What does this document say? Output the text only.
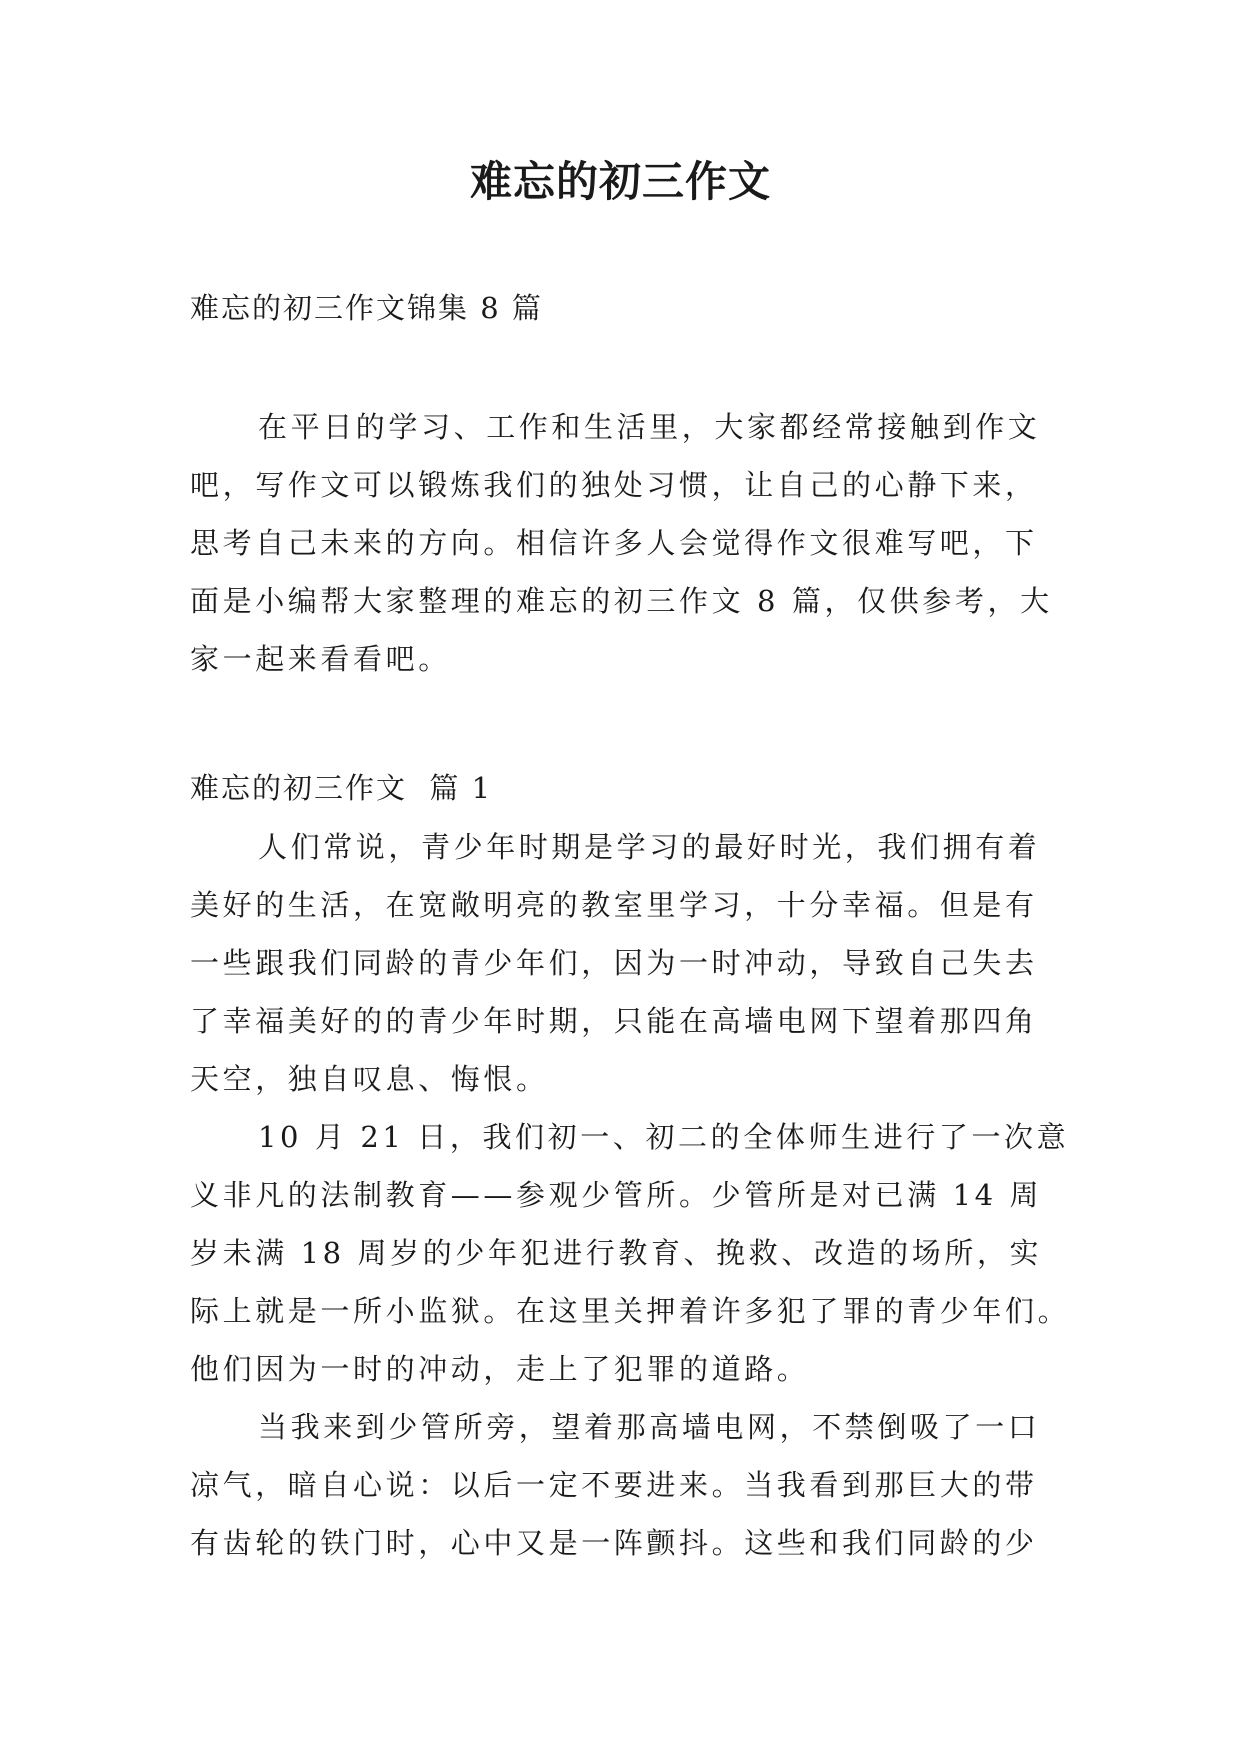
难忘的初三作文

难忘的初三作文锦集 8 篇

在平日的学习、工作和生活里，大家都经常接触到作文
吧，写作文可以锻炼我们的独处习惯，让自己的心静下来，
思考自己未来的方向。相信许多人会觉得作文很难写吧，下
面是小编帮大家整理的难忘的初三作文 8 篇，仅供参考，大
家一起来看看吧。

难忘的初三作文  篇 1

人们常说，青少年时期是学习的最好时光，我们拥有着
美好的生活，在宽敞明亮的教室里学习，十分幸福。但是有
一些跟我们同龄的青少年们，因为一时冲动，导致自己失去
了幸福美好的的青少年时期，只能在高墙电网下望着那四角
天空，独自叹息、悔恨。
10 月 21 日，我们初一、初二的全体师生进行了一次意
义非凡的法制教育——参观少管所。少管所是对已满 14 周
岁未满 18 周岁的少年犯进行教育、挽救、改造的场所，实
际上就是一所小监狱。在这里关押着许多犯了罪的青少年们。
他们因为一时的冲动，走上了犯罪的道路。
当我来到少管所旁，望着那高墙电网，不禁倒吸了一口
凉气，暗自心说：以后一定不要进来。当我看到那巨大的带
有齿轮的铁门时，心中又是一阵颤抖。这些和我们同龄的少
